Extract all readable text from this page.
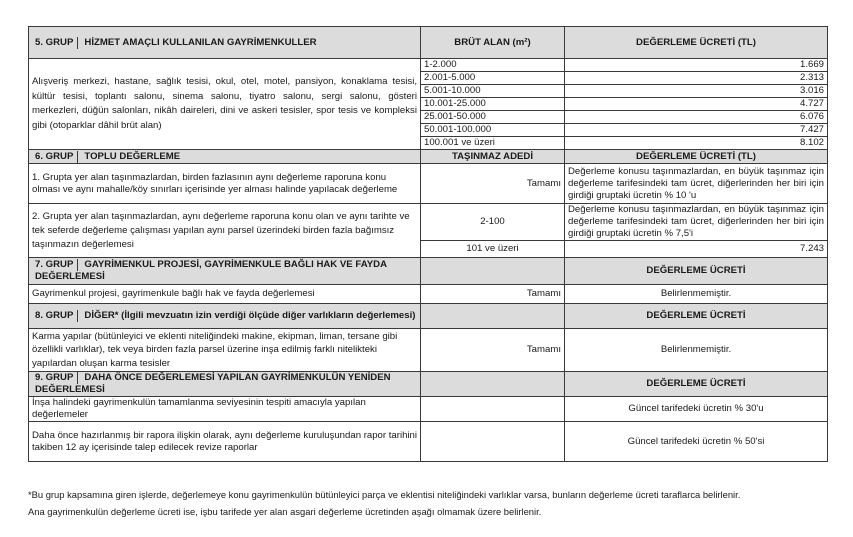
5. GRUP HİZMET AMAÇLI KULLANILAN GAYRİMENKULLER	BRÜT ALAN (m²)	DEĞERLEME ÜCRETİ (TL)
Alışveriş merkezi, hastane, sağlık tesisi, okul, otel, motel, pansiyon, konaklama tesisi, kültür tesisi, toplantı salonu, sinema salonu, tiyatro salonu, sergi salonu, gösteri merkezleri, düğün salonları, nikâh daireleri, dini ve askeri tesisler, spor tesis ve kompleksi gibi (otoparklar dâhil brüt alan)	1-2.000	1.669
	2.001-5.000	2.313
	5.001-10.000	3.016
	10.001-25.000	4.727
	25.001-50.000	6.076
	50.001-100.000	7.427
	100.001 ve üzeri	8.102
6. GRUP TOPLU DEĞERLEME	TAŞINMAZ ADEDİ	DEĞERLEME ÜCRETİ (TL)
1. Grupta yer alan taşınmazlardan, birden fazlasının aynı değerleme raporuna konu olması ve aynı mahalle/köy sınırları içerisinde yer alması halinde yapılacak değerleme	Tamamı	Değerleme konusu taşınmazlardan, en büyük taşınmaz için değerleme tarifesindeki tam ücret, diğerlerinden her biri için girdiği gruptaki ücretin % 10 'u
2. Grupta yer alan taşınmazlardan, aynı değerleme raporuna konu olan ve aynı tarihte ve tek seferde değerleme çalışması yapılan aynı parsel üzerindeki birden fazla bağımsız taşınmazın değerlemesi	2-100	Değerleme konusu taşınmazlardan, en büyük taşınmaz için değerleme tarifesindeki tam ücret, diğerlerinden her biri için girdiği gruptaki ücretin % 7,5'i
	101 ve üzeri	7.243
7. GRUP GAYRİMENKUL PROJESİ, GAYRİMENKULE BAĞLI HAK VE FAYDA DEĞERLEMESİ		DEĞERLEME ÜCRETİ
Gayrimenkul projesi, gayrimenkule bağlı hak ve fayda değerlemesi	Tamamı	Belirlenmemiştir.
8. GRUP DİĞER* (İlgili mevzuatın izin verdiği ölçüde diğer varlıkların değerlemesi)		DEĞERLEME ÜCRETİ
Karma yapılar (bütünleyici ve eklenti niteliğindeki makine, ekipman, liman, tersane gibi özellikli varlıklar), tek veya birden fazla parsel üzerine inşa edilmiş farklı nitelikteki yapılardan oluşan karma tesisler	Tamamı	Belirlenmemiştir.
9. GRUP DAHA ÖNCE DEĞERLEMESİ YAPILAN GAYRİMENKULÜN YENİDEN DEĞERLEMESİ		DEĞERLEME ÜCRETİ
İnşa halindeki gayrimenkulün tamamlanma seviyesinin tespiti amacıyla yapılan değerlemeler		Güncel tarifedeki ücretin % 30'u
Daha önce hazırlanmış bir rapora ilişkin olarak, aynı değerleme kuruluşundan rapor tarihini takiben 12 ay içerisinde talep edilecek revize raporlar		Güncel tarifedeki ücretin % 50'si
*Bu grup kapsamına giren işlerde, değerlemeye konu gayrimenkulün bütünleyici parça ve eklentisi niteliğindeki varlıklar varsa, bunların değerleme ücreti taraflarca belirlenir.
Ana gayrimenkulün değerleme ücreti ise, işbu tarifede yer alan asgari değerleme ücretinden aşağı olmamak üzere belirlenir.
